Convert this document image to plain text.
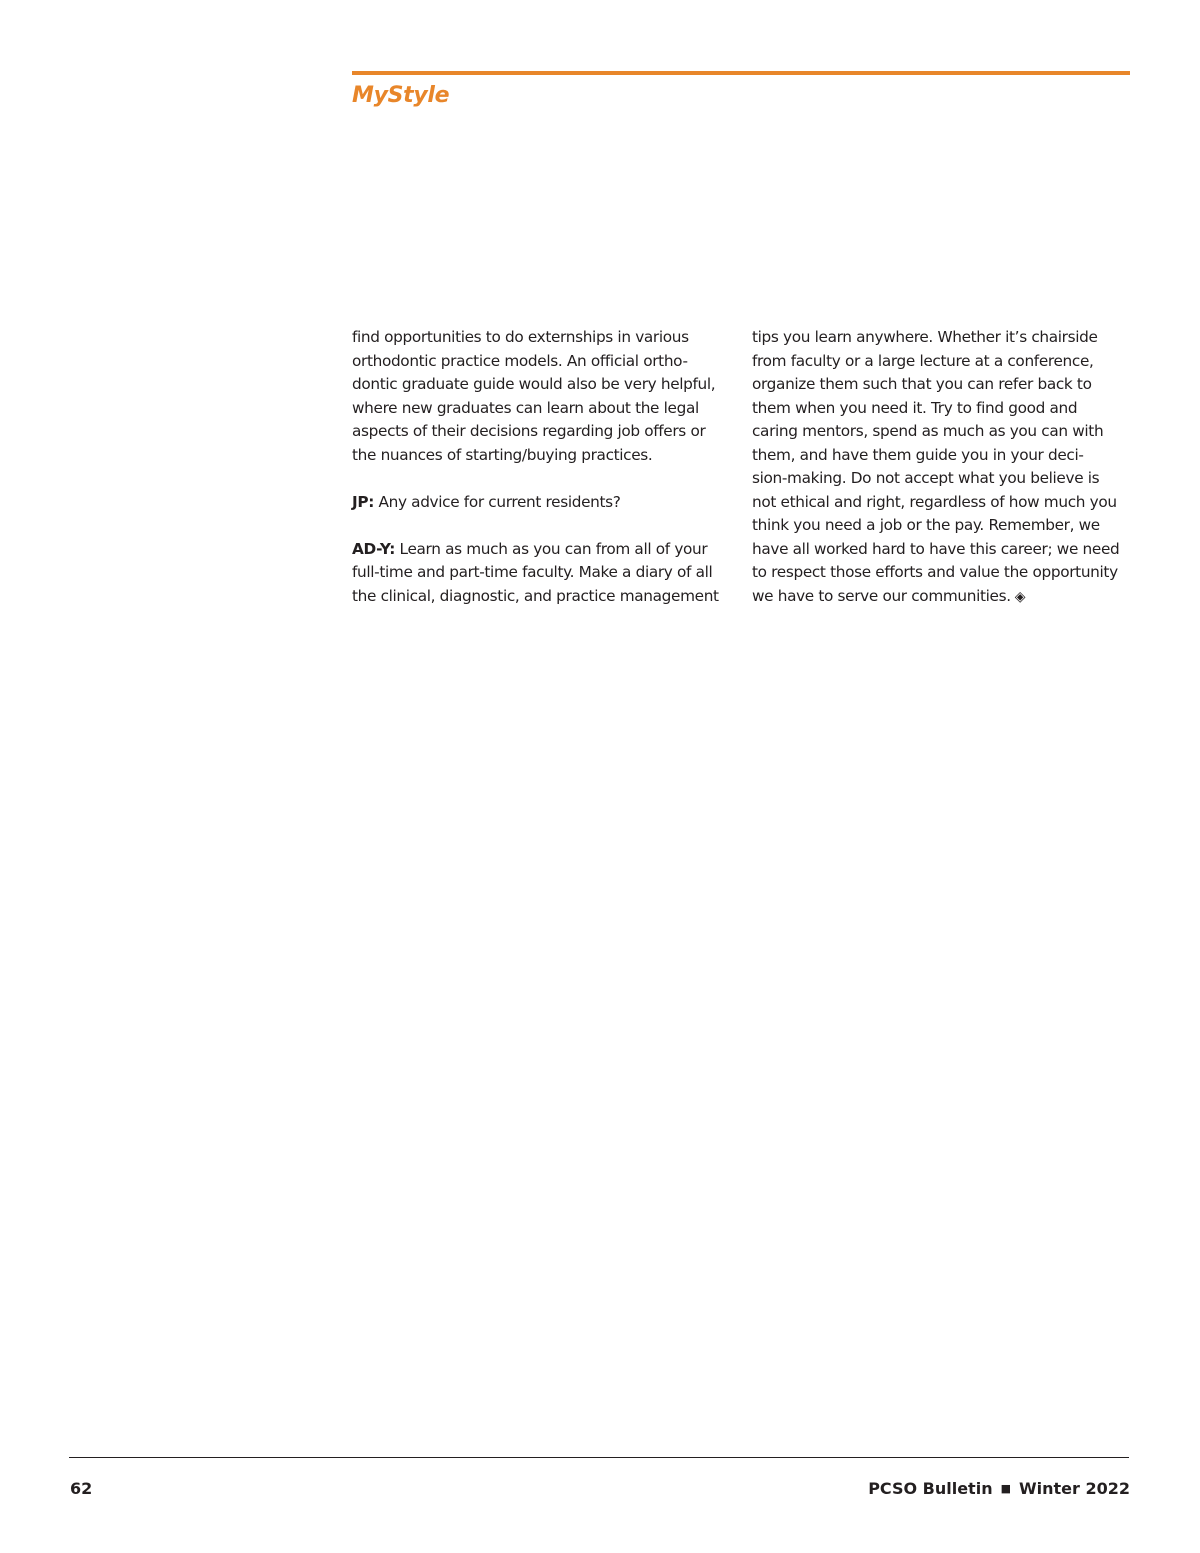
MyStyle
find opportunities to do externships in various
orthodontic practice models. An official ortho-
dontic graduate guide would also be very helpful,
where new graduates can learn about the legal
aspects of their decisions regarding job offers or
the nuances of starting/buying practices.
JP: Any advice for current residents?
AD-Y: Learn as much as you can from all of your
full-time and part-time faculty. Make a diary of all
the clinical, diagnostic, and practice management
tips you learn anywhere. Whether it’s chairside
from faculty or a large lecture at a conference,
organize them such that you can refer back to
them when you need it. Try to find good and
caring mentors, spend as much as you can with
them, and have them guide you in your deci-
sion-making. Do not accept what you believe is
not ethical and right, regardless of how much you
think you need a job or the pay. Remember, we
have all worked hard to have this career; we need
to respect those efforts and value the opportunity
we have to serve our communities. ◈
62	PCSO Bulletin ■ Winter 2022
